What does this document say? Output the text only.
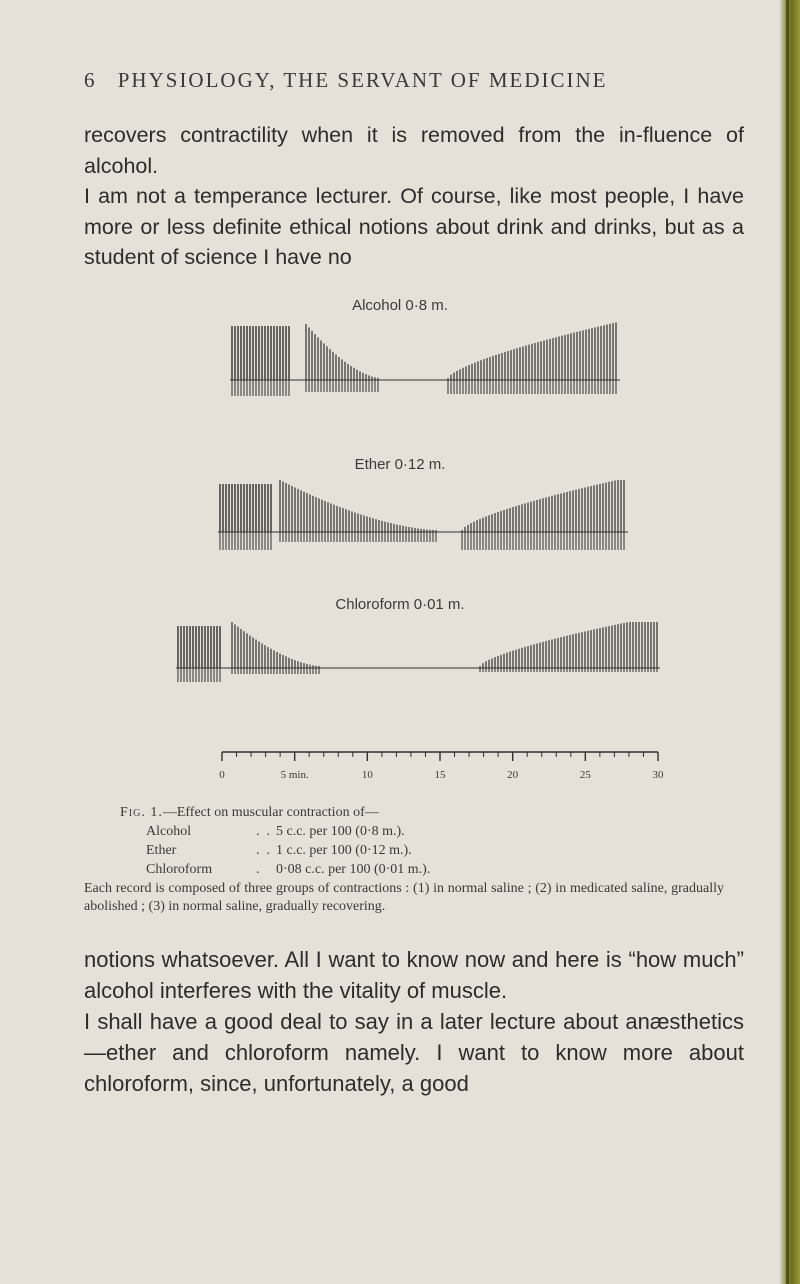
6 PHYSIOLOGY, THE SERVANT OF MEDICINE

recovers contractility when it is removed from the in-fluence of alcohol.

I am not a temperance lecturer. Of course, like most people, I have more or less definite ethical notions about drink and drinks, but as a student of science I have no

Alcohol 0·8 m.
Ether 0·12 m.
Chloroform 0·01 m.
0	5 min.	10	15	20	25	30
Fig. 1.—Effect on muscular contraction of—
Alcohol	.  . 5 c.c. per 100 (0·8 m.).
Ether	.  . 1 c.c. per 100 (0·12 m.).
Chloroform	.	0·08 c.c. per 100 (0·01 m.).
Each record is composed of three groups of contractions : (1) in normal saline ; (2) in medicated saline, gradually abolished ; (3) in normal saline, gradually recovering.

notions whatsoever. All I want to know now and here is “how much” alcohol interferes with the vitality of muscle.

I shall have a good deal to say in a later lecture about anæsthetics—ether and chloroform namely. I want to know more about chloroform, since, unfortunately, a good
